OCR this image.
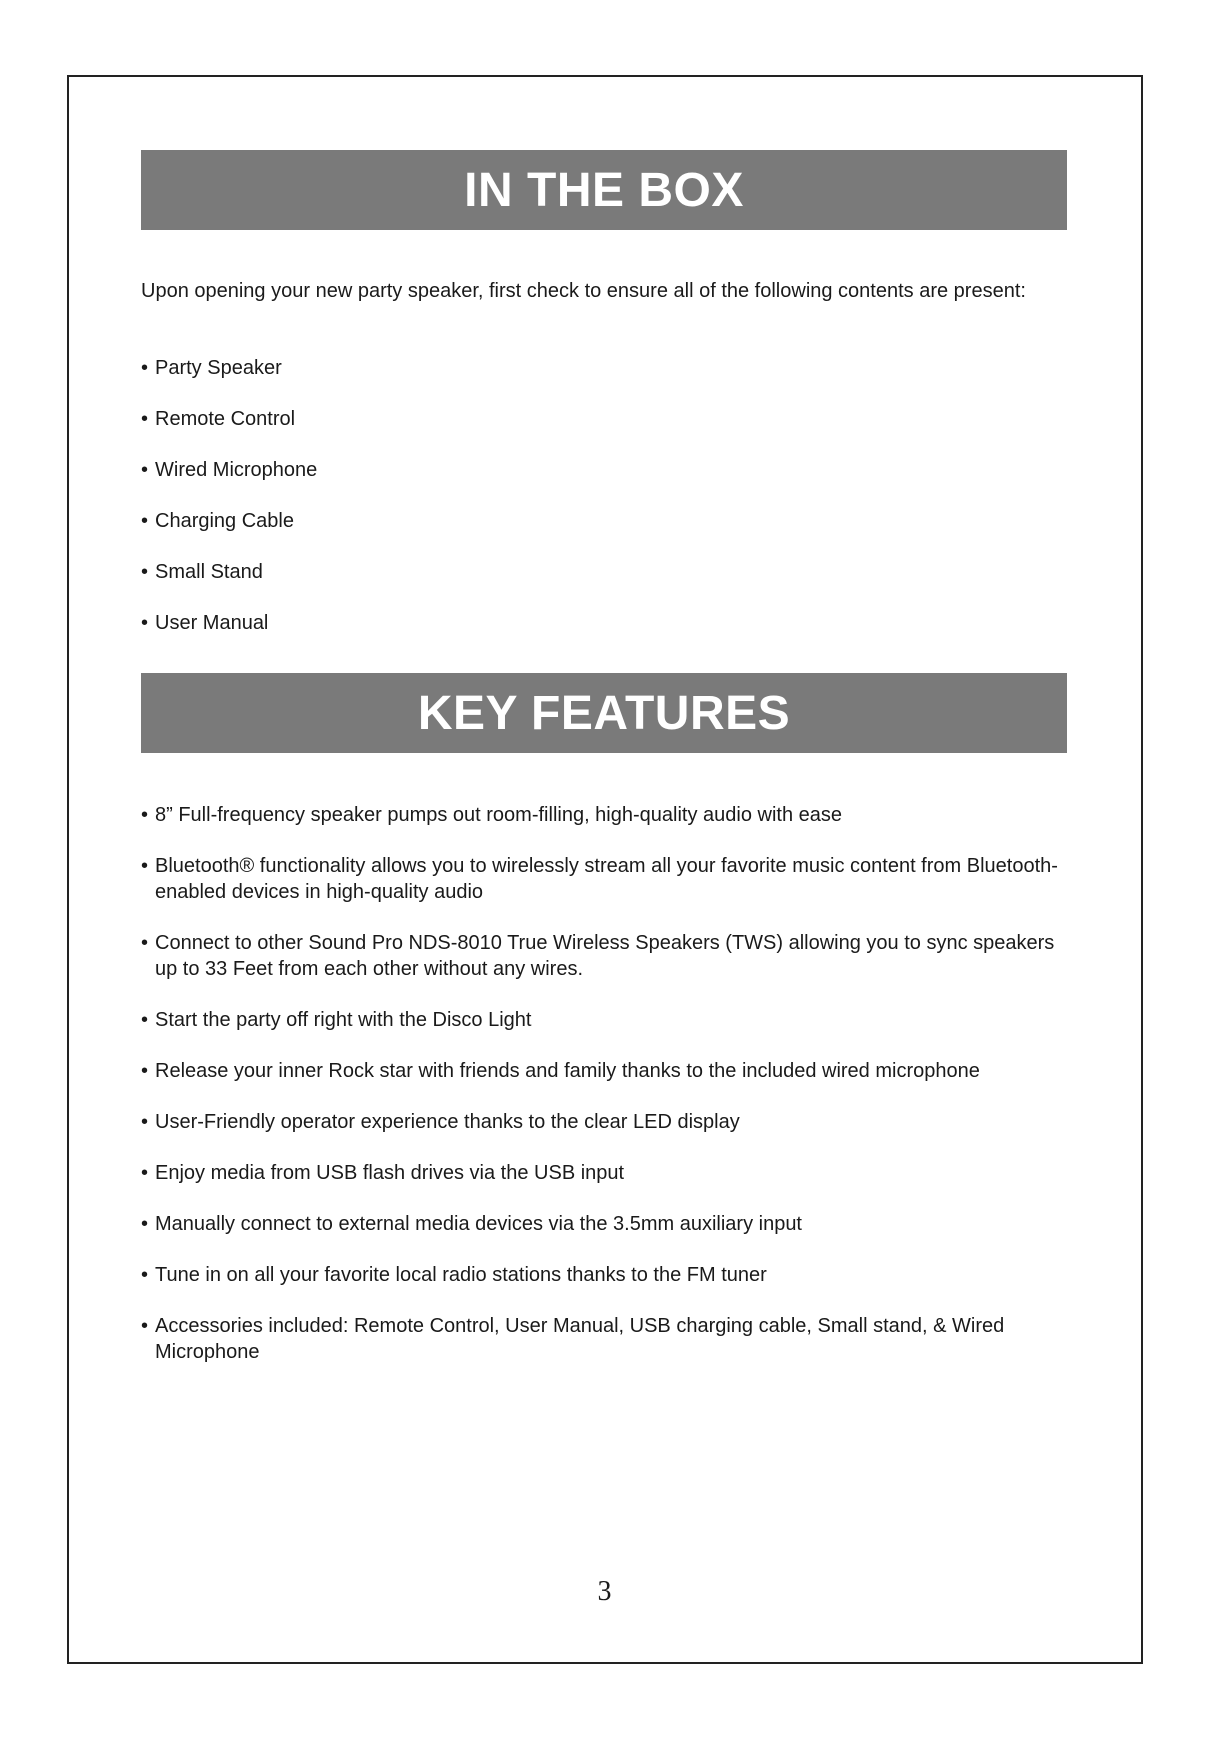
IN THE BOX
Upon opening your new party speaker, first check to ensure all of the following contents are present:
• Party Speaker
• Remote Control
• Wired Microphone
• Charging Cable
• Small Stand
• User Manual
KEY FEATURES
• 8” Full-frequency speaker pumps out room-filling, high-quality audio with ease
• Bluetooth® functionality allows you to wirelessly stream all your favorite music content from Bluetooth-enabled devices in high-quality audio
• Connect to other Sound Pro NDS-8010 True Wireless Speakers (TWS) allowing you to sync speakers up to 33 Feet from each other without any wires.
• Start the party off right with the Disco Light
• Release your inner Rock star with friends and family thanks to the included wired microphone
• User-Friendly operator experience thanks to the clear LED display
• Enjoy media from USB flash drives via the USB input
• Manually connect to external media devices via the 3.5mm auxiliary input
• Tune in on all your favorite local radio stations thanks to the FM tuner
• Accessories included: Remote Control, User Manual, USB charging cable, Small stand, & Wired Microphone
3
